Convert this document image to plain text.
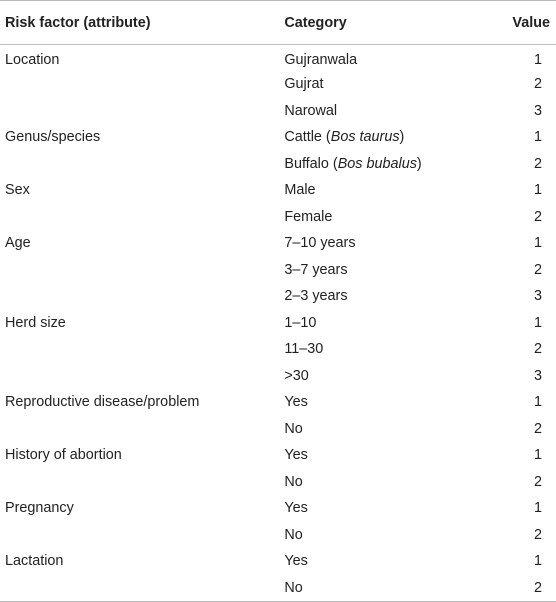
Risk factor (attribute)	Category	Value
Location	Gujranwala	1
	Gujrat	2
	Narowal	3
Genus/species	Cattle (Bos taurus)	1
	Buffalo (Bos bubalus)	2
Sex	Male	1
	Female	2
Age	7–10 years	1
	3–7 years	2
	2–3 years	3
Herd size	1–10	1
	11–30	2
	>30	3
Reproductive disease/problem	Yes	1
	No	2
History of abortion	Yes	1
	No	2
Pregnancy	Yes	1
	No	2
Lactation	Yes	1
	No	2
